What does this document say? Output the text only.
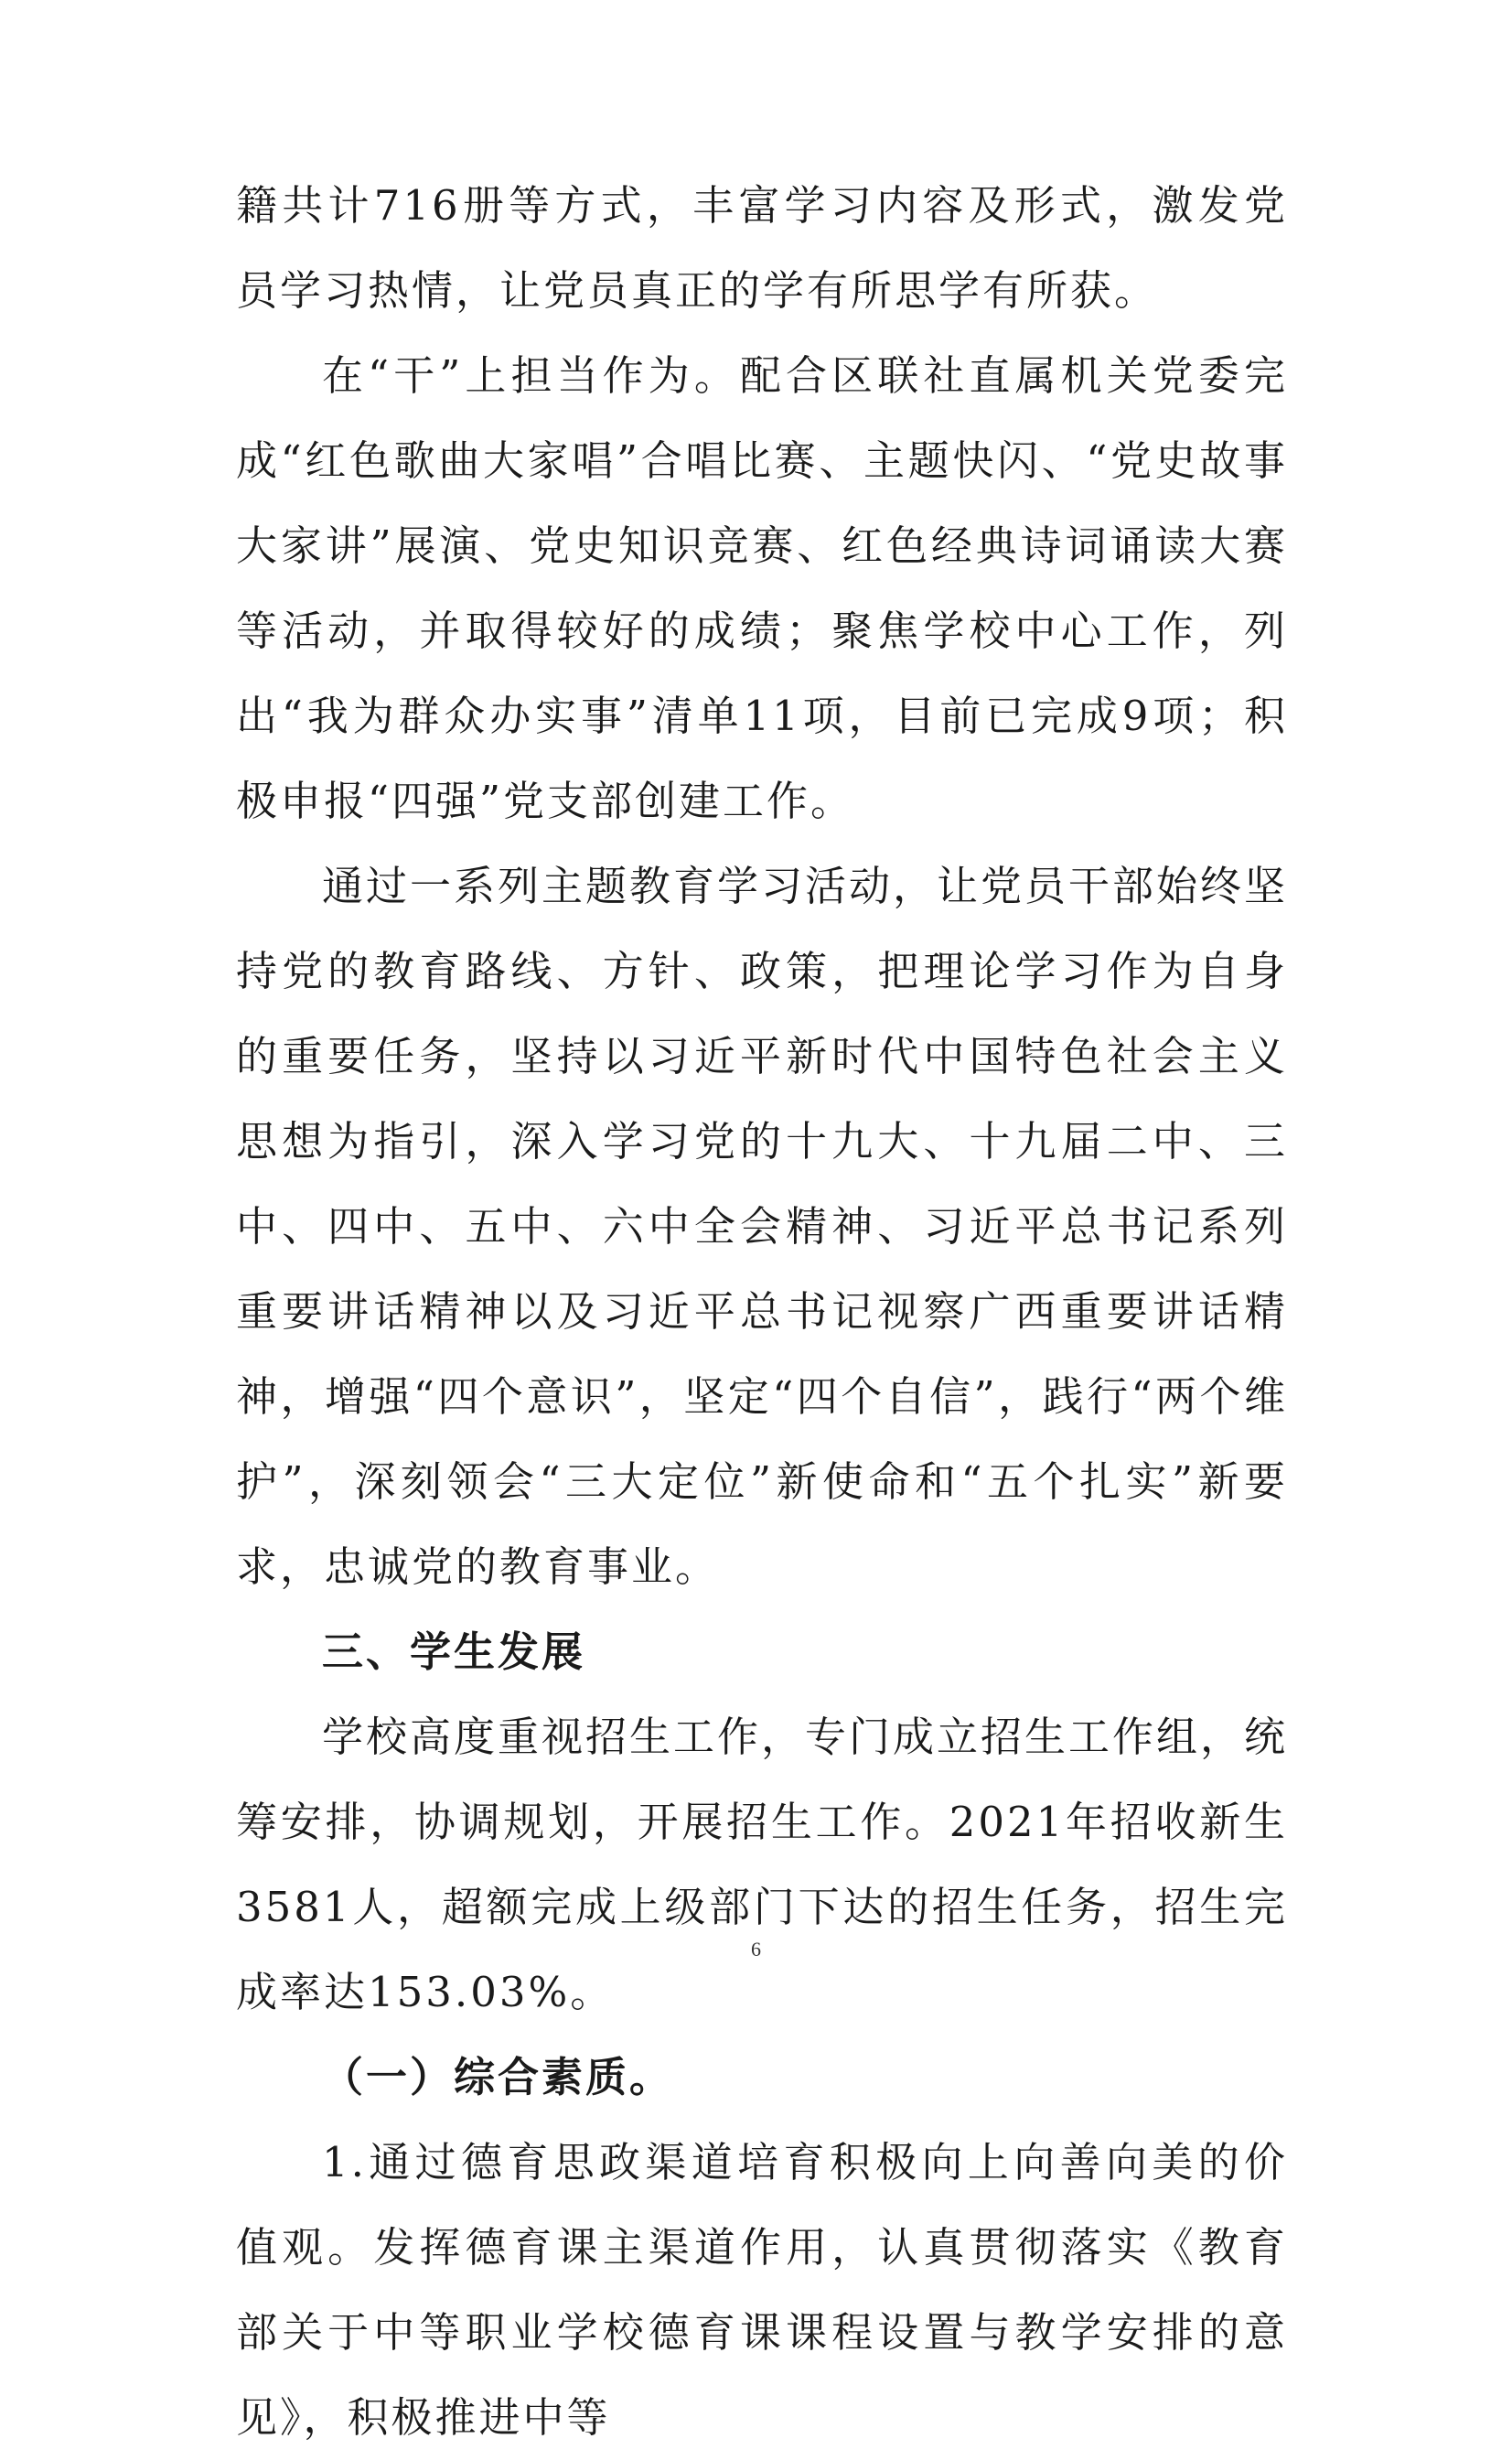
籍共计716册等方式，丰富学习内容及形式，激发党员学习热情，让党员真正的学有所思学有所获。

在“干”上担当作为。配合区联社直属机关党委完成“红色歌曲大家唱”合唱比赛、主题快闪、“党史故事大家讲”展演、党史知识竞赛、红色经典诗词诵读大赛等活动，并取得较好的成绩；聚焦学校中心工作，列出“我为群众办实事”清单11项，目前已完成9项；积极申报“四强”党支部创建工作。

通过一系列主题教育学习活动，让党员干部始终坚持党的教育路线、方针、政策，把理论学习作为自身的重要任务，坚持以习近平新时代中国特色社会主义思想为指引，深入学习党的十九大、十九届二中、三中、四中、五中、六中全会精神、习近平总书记系列重要讲话精神以及习近平总书记视察广西重要讲话精神，增强“四个意识”，坚定“四个自信”，践行“两个维护”，深刻领会“三大定位”新使命和“五个扎实”新要求，忠诚党的教育事业。

三、学生发展

学校高度重视招生工作，专门成立招生工作组，统筹安排，协调规划，开展招生工作。2021年招收新生3581人，超额完成上级部门下达的招生任务，招生完成率达153.03%。

（一）综合素质。

1.通过德育思政渠道培育积极向上向善向美的价值观。发挥德育课主渠道作用，认真贯彻落实《教育部关于中等职业学校德育课课程设置与教学安排的意见》，积极推进中等

6
